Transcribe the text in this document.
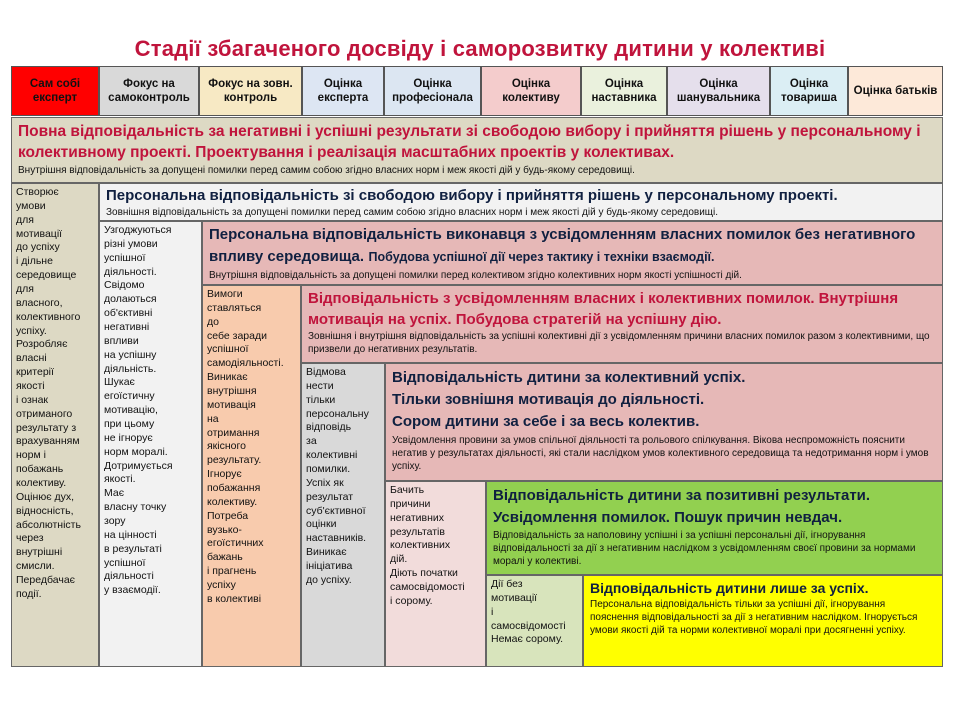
Стадії збагаченого досвіду і саморозвитку дитини у колективі
Сам собі експерт
Фокус на самоконтроль
Фокус на зовн. контроль
Оцінка експерта
Оцінка професіонала
Оцінка колективу
Оцінка наставника
Оцінка шанувальника
Оцінка товариша
Оцінка батьків
Повна відповідальність за негативні і успішні результати зі свободою вибору і прийняття рішень у персональному і колективному проекті. Проектування і реалізація масштабних проектів у колективах.
Внутрішня відповідальність за допущені помилки перед самим собою згідно власних норм і меж якості дій у будь-якому середовищі.
Створює
умови
для
мотивації
до успіху
і дільне
середовище
для
власного,
колективного
успіху.
Розробляє
власні
критерії
якості
і ознак
отриманого
результату з
врахуванням
норм і
побажань
колективу.
Оцінює дух,
відносність,
абсолютність
через
внутрішні
смисли.
Передбачає
події.
Персональна відповідальність зі свободою вибору і прийняття рішень у персональному проекті.
Зовнішня відповідальність за допущені помилки перед самим собою згідно власних норм і меж якості дій у будь-якому середовищі.
Узгоджуються
різні умови
успішної
діяльності.
Свідомо
долаються
об'єктивні
негативні
впливи
на успішну
діяльність.
Шукає
егоїстичну
мотивацію,
при цьому
не ігнорує
норм моралі.
Дотримується
якості.
Має
власну точку
зору
на цінності
в результаті
успішної
діяльності
у взаємодії.
Персональна відповідальність виконавця з усвідомленням власних помилок без негативного впливу середовища. Побудова успішної дії через тактику і техніки взаємодії.
Внутрішня відповідальність за допущені помилки перед колективом згідно колективних норм якості успішності дій.
Вимоги
ставляться
до
себе заради
успішної
самодіяльності.
Виникає
внутрішня
мотивація
на
отримання
якісного
результату.
Ігнорує
побажання
колективу.
Потреба
вузько-
егоїстичних
бажань
і прагнень
успіху
в колективі
Відповідальність з усвідомленням власних і колективних помилок. Внутрішня мотивація на успіх. Побудова стратегій на успішну дію.
Зовнішня і внутрішня відповідальність за успішні колективні дії з усвідомленням причини власних помилок разом з колективними, що призвели до негативних результатів.
Відмова
нести
тільки
персональну
відповідь
за
колективні
помилки.
Успіх як
результат
суб'єктивної
оцінки
наставників.
Виникає
ініціатива
до успіху.
Відповідальність дитини за колективний успіх.
Тільки зовнішня мотивація до діяльності.
Сором дитини за себе і за весь колектив.
Усвідомлення провини за умов спільної діяльності та рольового спілкування. Вікова неспроможність пояснити негатив у результатах діяльності, які стали наслідком умов колективного середовища та недотримання норм і умов успіху.
Бачить
причини
негативних
результатів
колективних
дій.
Діють початки
самосвідомості
і сорому.
Відповідальність дитини за позитивні результати.
Усвідомлення помилок. Пошук причин невдач.
Відповідальність за наполовину успішні і за успішні персональні дії, ігнорування відповідальності за дії з негативним наслідком з усвідомленням своєї провини за нормами моралі у колективі.
Дії без
мотивації
і
самосвідомості
Немає сорому.
Відповідальність дитини лише за успіх.
Персональна відповідальність тільки за успішні дії, ігнорування пояснення відповідальності за дії з негативним наслідком. Ігнорується умови якості дій та норми колективної моралі при досягненні успіху.
